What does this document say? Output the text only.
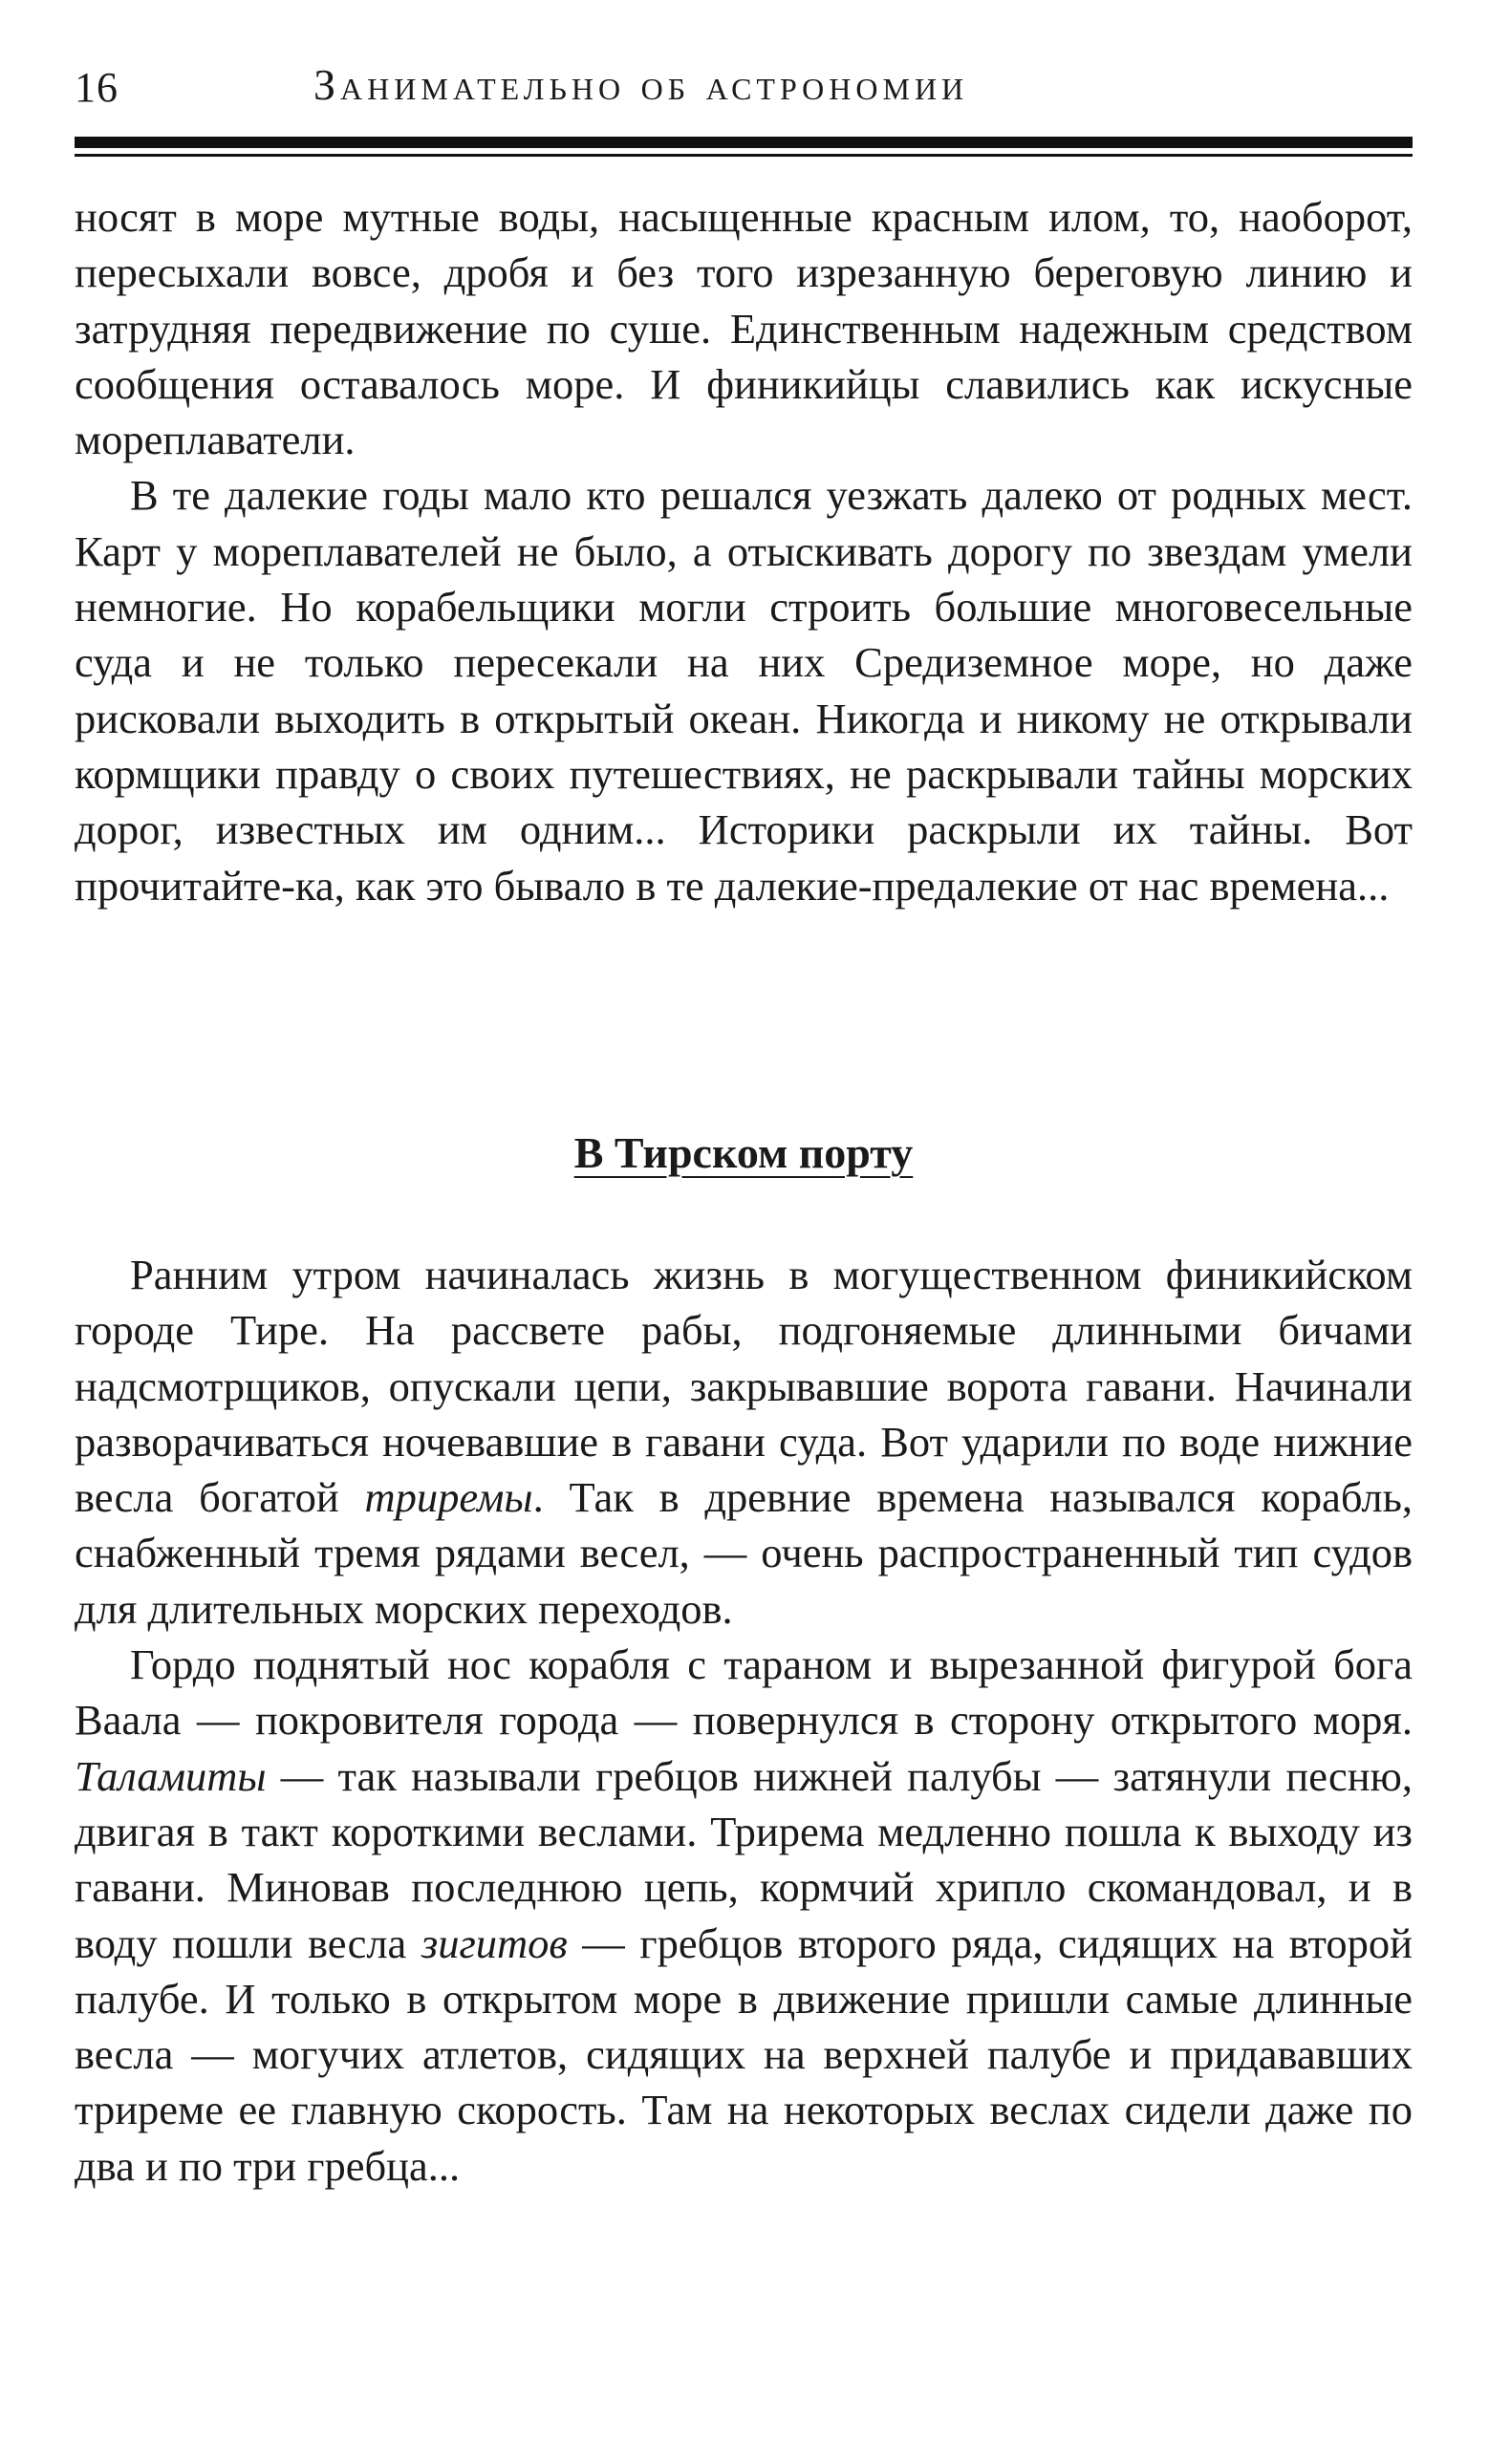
16	Занимательно об астрономии

носят в море мутные воды, насыщенные красным илом, то, наоборот, пересыхали вовсе, дробя и без того изрезанную береговую линию и затрудняя передвижение по суше. Единственным надежным средством сообщения оставалось море. И финикийцы славились как искусные мореплаватели.

В те далекие годы мало кто решался уезжать далеко от родных мест. Карт у мореплавателей не было, а отыскивать дорогу по звездам умели немногие. Но корабельщики могли строить большие многовесельные суда и не только пересекали на них Средиземное море, но даже рисковали выходить в открытый океан. Никогда и никому не открывали кормщики правду о своих путешествиях, не раскрывали тайны морских дорог, известных им одним... Историки раскрыли их тайны. Вот прочитайте-ка, как это бывало в те далекие-предалекие от нас времена...

В Тирском порту

Ранним утром начиналась жизнь в могущественном финикийском городе Тире. На рассвете рабы, подгоняемые длинными бичами надсмотрщиков, опускали цепи, закрывавшие ворота гавани. Начинали разворачиваться ночевавшие в гавани суда. Вот ударили по воде нижние весла богатой триремы. Так в древние времена назывался корабль, снабженный тремя рядами весел, — очень распространенный тип судов для длительных морских переходов.

Гордо поднятый нос корабля с тараном и вырезанной фигурой бога Ваала — покровителя города — повернулся в сторону открытого моря. Таламиты — так называли гребцов нижней палубы — затянули песню, двигая в такт короткими веслами. Трирема медленно пошла к выходу из гавани. Миновав последнюю цепь, кормчий хрипло скомандовал, и в воду пошли весла зигитов — гребцов второго ряда, сидящих на второй палубе. И только в открытом море в движение пришли самые длинные весла — могучих атлетов, сидящих на верхней палубе и придававших триреме ее главную скорость. Там на некоторых веслах сидели даже по два и по три гребца...
